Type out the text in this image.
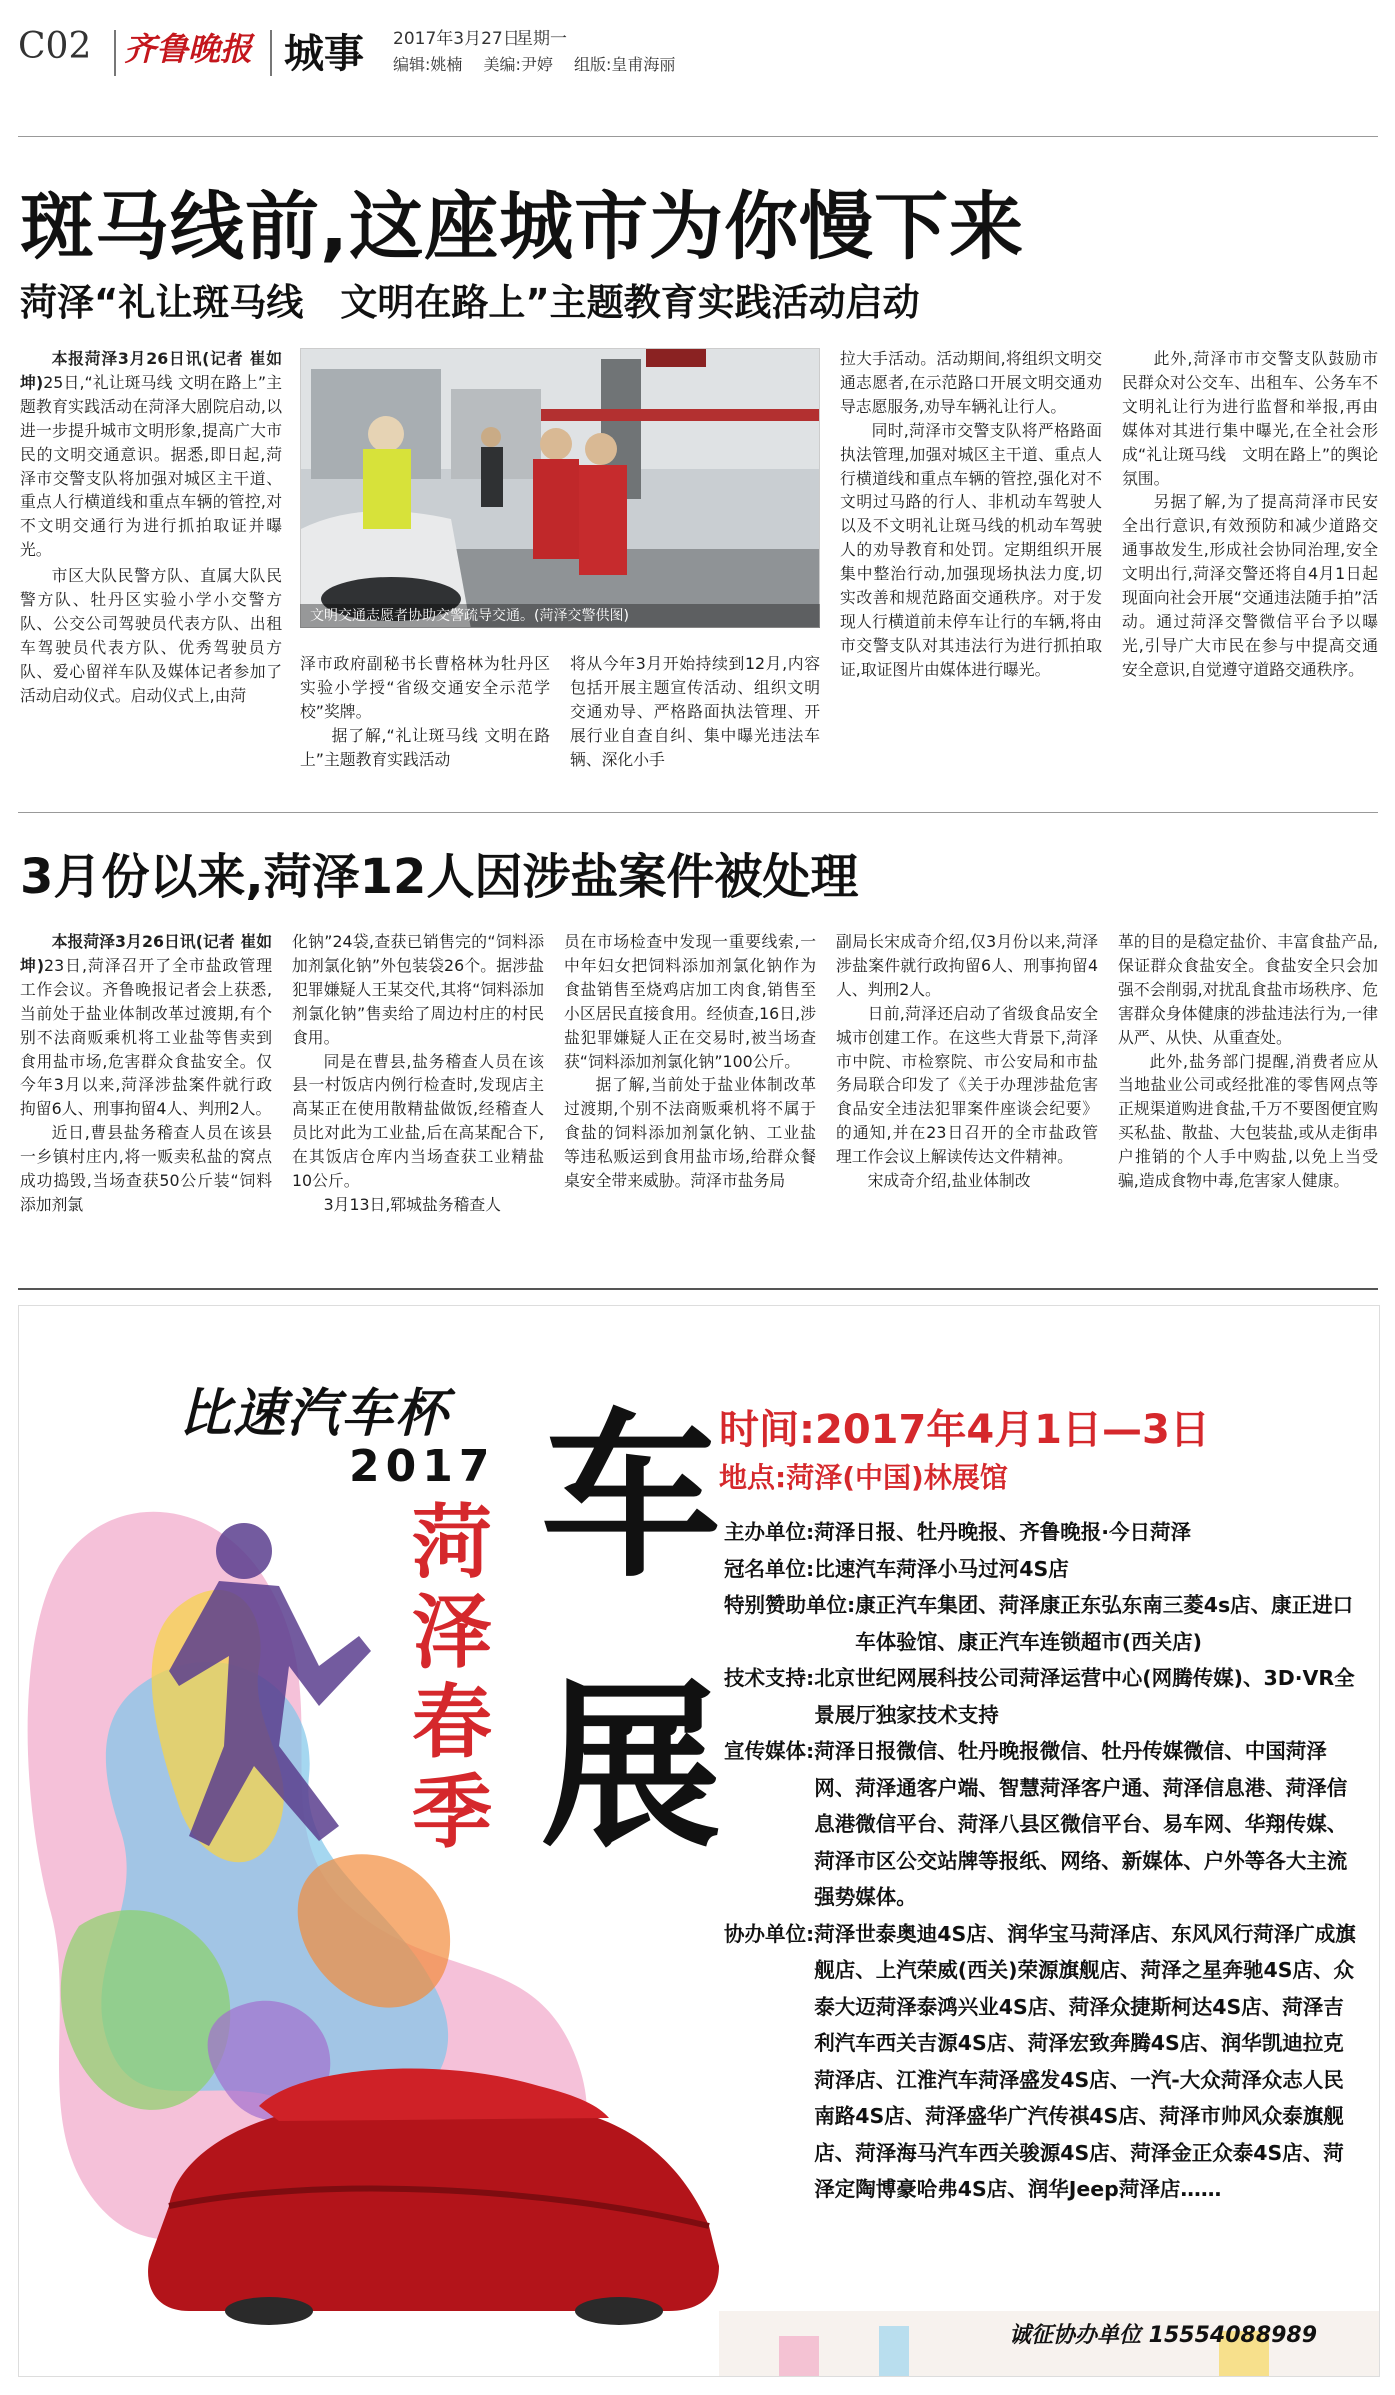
C02 齐鲁晚报 城事 2017年3月27日
星期一
编辑:姚楠 美编:尹婷 组版:皇甫海丽
斑马线前,这座城市为你慢下来
菏泽“礼让斑马线　文明在路上”主题教育实践活动启动

本报菏泽3月26日讯(记者 崔如坤)25日,“礼让斑马线 文明在路上”主题教育实践活动在菏泽大剧院启动,以进一步提升城市文明形象,提高广大市民的文明交通意识。据悉,即日起,菏泽市交警支队将加强对城区主干道、重点人行横道线和重点车辆的管控,对不文明交通行为进行抓拍取证并曝光。

市区大队民警方队、直属大队民警方队、牡丹区实验小学小交警方队、公交公司驾驶员代表方队、出租车驾驶员代表方队、优秀驾驶员方队、爱心留祥车队及媒体记者参加了活动启动仪式。启动仪式上,由菏

文明交通志愿者协助交警疏导交通。(菏泽交警供图)

泽市政府副秘书长曹格林为牡丹区实验小学授“省级交通安全示范学校”奖牌。

据了解,“礼让斑马线 文明在路上”主题教育实践活动

将从今年3月开始持续到12月,内容包括开展主题宣传活动、组织文明交通劝导、严格路面执法管理、开展行业自查自纠、集中曝光违法车辆、深化小手

拉大手活动。活动期间,将组织文明交通志愿者,在示范路口开展文明交通劝导志愿服务,劝导车辆礼让行人。

同时,菏泽市交警支队将严格路面执法管理,加强对城区主干道、重点人行横道线和重点车辆的管控,强化对不文明过马路的行人、非机动车驾驶人以及不文明礼让斑马线的机动车驾驶人的劝导教育和处罚。定期组织开展集中整治行动,加强现场执法力度,切实改善和规范路面交通秩序。对于发现人行横道前未停车让行的车辆,将由市交警支队对其违法行为进行抓拍取证,取证图片由媒体进行曝光。

此外,菏泽市市交警支队鼓励市民群众对公交车、出租车、公务车不文明礼让行为进行监督和举报,再由媒体对其进行集中曝光,在全社会形成“礼让斑马线　文明在路上”的舆论氛围。

另据了解,为了提高菏泽市民安全出行意识,有效预防和减少道路交通事故发生,形成社会协同治理,安全文明出行,菏泽交警还将自4月1日起现面向社会开展“交通违法随手拍”活动。通过菏泽交警微信平台予以曝光,引导广大市民在参与中提高交通安全意识,自觉遵守道路交通秩序。

3月份以来,菏泽12人因涉盐案件被处理

本报菏泽3月26日讯(记者 崔如坤)23日,菏泽召开了全市盐政管理工作会议。齐鲁晚报记者会上获悉,当前处于盐业体制改革过渡期,有个别不法商贩乘机将工业盐等售卖到食用盐市场,危害群众食盐安全。仅今年3月以来,菏泽涉盐案件就行政拘留6人、刑事拘留4人、判刑2人。

近日,曹县盐务稽查人员在该县一乡镇村庄内,将一贩卖私盐的窝点成功捣毁,当场查获50公斤装“饲料添加剂氯

化钠”24袋,查获已销售完的“饲料添加剂氯化钠”外包装袋26个。据涉盐犯罪嫌疑人王某交代,其将“饲料添加剂氯化钠”售卖给了周边村庄的村民食用。

同是在曹县,盐务稽查人员在该县一村饭店内例行检查时,发现店主高某正在使用散精盐做饭,经稽查人员比对此为工业盐,后在高某配合下,在其饭店仓库内当场查获工业精盐10公斤。

3月13日,郓城盐务稽查人

员在市场检查中发现一重要线索,一中年妇女把饲料添加剂氯化钠作为食盐销售至烧鸡店加工肉食,销售至小区居民直接食用。经侦查,16日,涉盐犯罪嫌疑人正在交易时,被当场查获“饲料添加剂氯化钠”100公斤。

据了解,当前处于盐业体制改革过渡期,个别不法商贩乘机将不属于食盐的饲料添加剂氯化钠、工业盐等违私贩运到食用盐市场,给群众餐桌安全带来威胁。菏泽市盐务局

副局长宋成奇介绍,仅3月份以来,菏泽涉盐案件就行政拘留6人、刑事拘留4人、判刑2人。

日前,菏泽还启动了省级食品安全城市创建工作。在这些大背景下,菏泽市中院、市检察院、市公安局和市盐务局联合印发了《关于办理涉盐危害食品安全违法犯罪案件座谈会纪要》的通知,并在23日召开的全市盐政管理工作会议上解读传达文件精神。

宋成奇介绍,盐业体制改

革的目的是稳定盐价、丰富食盐产品,保证群众食盐安全。食盐安全只会加强不会削弱,对扰乱食盐市场秩序、危害群众身体健康的涉盐违法行为,一律从严、从快、从重查处。

此外,盐务部门提醒,消费者应从当地盐业公司或经批准的零售网点等正规渠道购进食盐,千万不要图便宜购买私盐、散盐、大包装盐,或从走街串户推销的个人手中购盐,以免上当受骗,造成食物中毒,危害家人健康。

比速汽车杯
2017
菏泽春季
车展
时间:2017年4月1日—3日
地点:菏泽(中国)林展馆
主办单位: 菏泽日报、牡丹晚报、齐鲁晚报·今日菏泽
冠名单位: 比速汽车菏泽小马过河4S店
特别赞助单位: 康正汽车集团、菏泽康正东弘东南三菱4s店、康正进口车体验馆、康正汽车连锁超市(西关店)
技术支持: 北京世纪网展科技公司菏泽运营中心(网腾传媒)、3D·VR全景展厅独家技术支持
宣传媒体: 菏泽日报微信、牡丹晚报微信、牡丹传媒微信、中国菏泽网、菏泽通客户端、智慧菏泽客户通、菏泽信息港、菏泽信息港微信平台、菏泽八县区微信平台、易车网、华翔传媒、菏泽市区公交站牌等报纸、网络、新媒体、户外等各大主流强势媒体。
协办单位: 菏泽世泰奥迪4S店、润华宝马菏泽店、东风风行菏泽广成旗舰店、上汽荣威(西关)荣源旗舰店、菏泽之星奔驰4S店、众泰大迈菏泽泰鸿兴业4S店、菏泽众捷斯柯达4S店、菏泽吉利汽车西关吉源4S店、菏泽宏致奔腾4S店、润华凯迪拉克菏泽店、江淮汽车菏泽盛发4S店、一汽-大众菏泽众志人民南路4S店、菏泽盛华广汽传祺4S店、菏泽市帅风众泰旗舰店、菏泽海马汽车西关骏源4S店、菏泽金正众泰4S店、菏泽定陶博豪哈弗4S店、润华Jeep菏泽店……
诚征协办单位 15554088989
